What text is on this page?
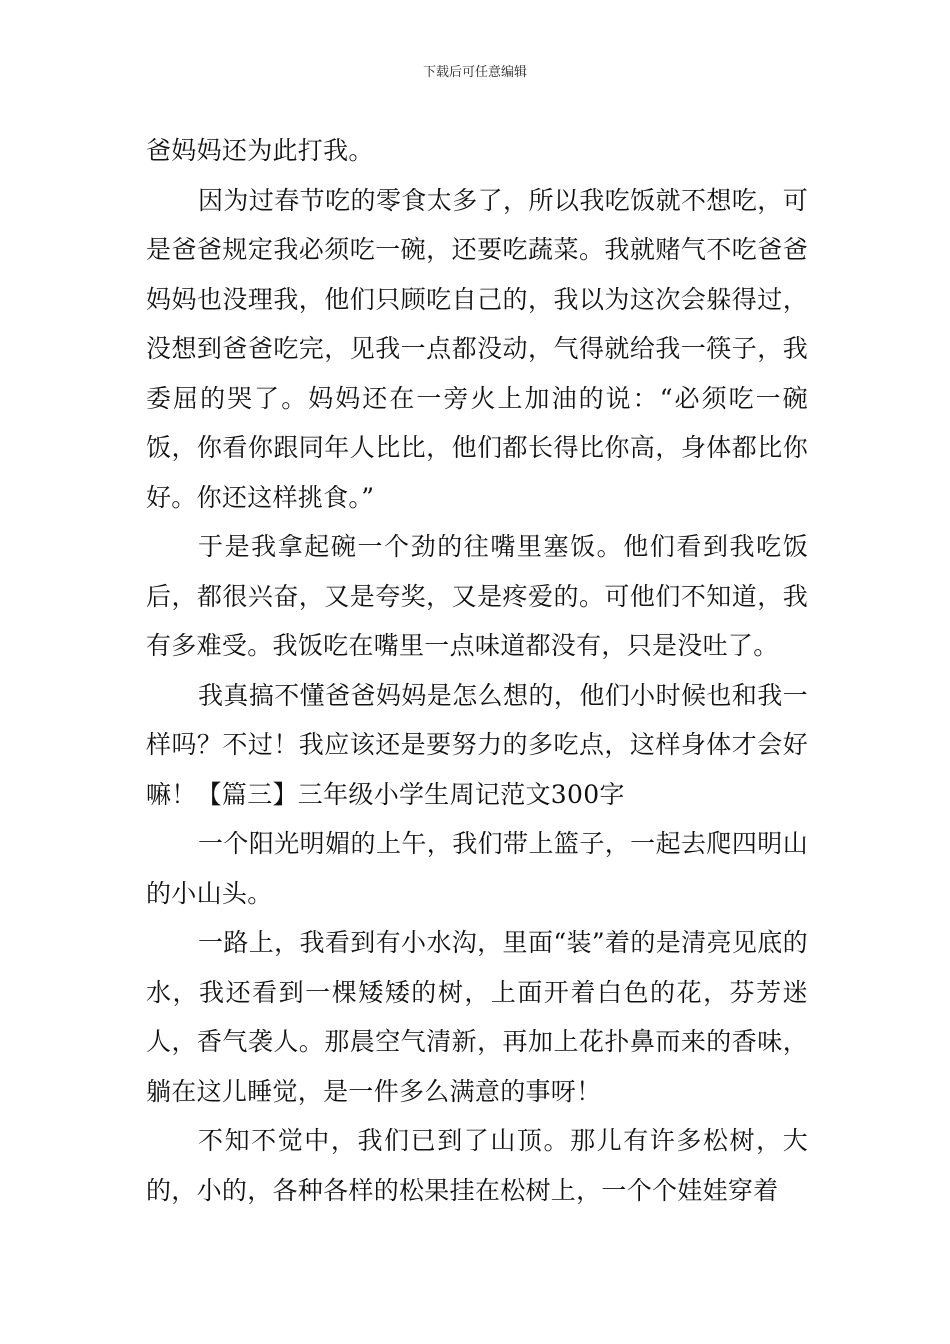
下载后可任意编辑

爸妈妈还为此打我。

因为过春节吃的零食太多了，所以我吃饭就不想吃，可是爸爸规定我必须吃一碗，还要吃蔬菜。我就赌气不吃爸爸妈妈也没理我，他们只顾吃自己的，我以为这次会躲得过，没想到爸爸吃完，见我一点都没动，气得就给我一筷子，我委屈的哭了。妈妈还在一旁火上加油的说：“必须吃一碗饭，你看你跟同年人比比，他们都长得比你高，身体都比你好。你还这样挑食。”

于是我拿起碗一个劲的往嘴里塞饭。他们看到我吃饭后，都很兴奋，又是夸奖，又是疼爱的。可他们不知道，我有多难受。我饭吃在嘴里一点味道都没有，只是没吐了。

我真搞不懂爸爸妈妈是怎么想的，他们小时候也和我一样吗？不过！我应该还是要努力的多吃点，这样身体才会好嘛！【篇三】三年级小学生周记范文300字

一个阳光明媚的上午，我们带上篮子，一起去爬四明山的小山头。

一路上，我看到有小水沟，里面“装”着的是清亮见底的水，我还看到一棵矮矮的树，上面开着白色的花，芬芳迷人，香气袭人。那晨空气清新，再加上花扑鼻而来的香味，躺在这儿睡觉，是一件多么满意的事呀！

不知不觉中，我们已到了山顶。那儿有许多松树，大的，小的，各种各样的松果挂在松树上，一个个娃娃穿着
